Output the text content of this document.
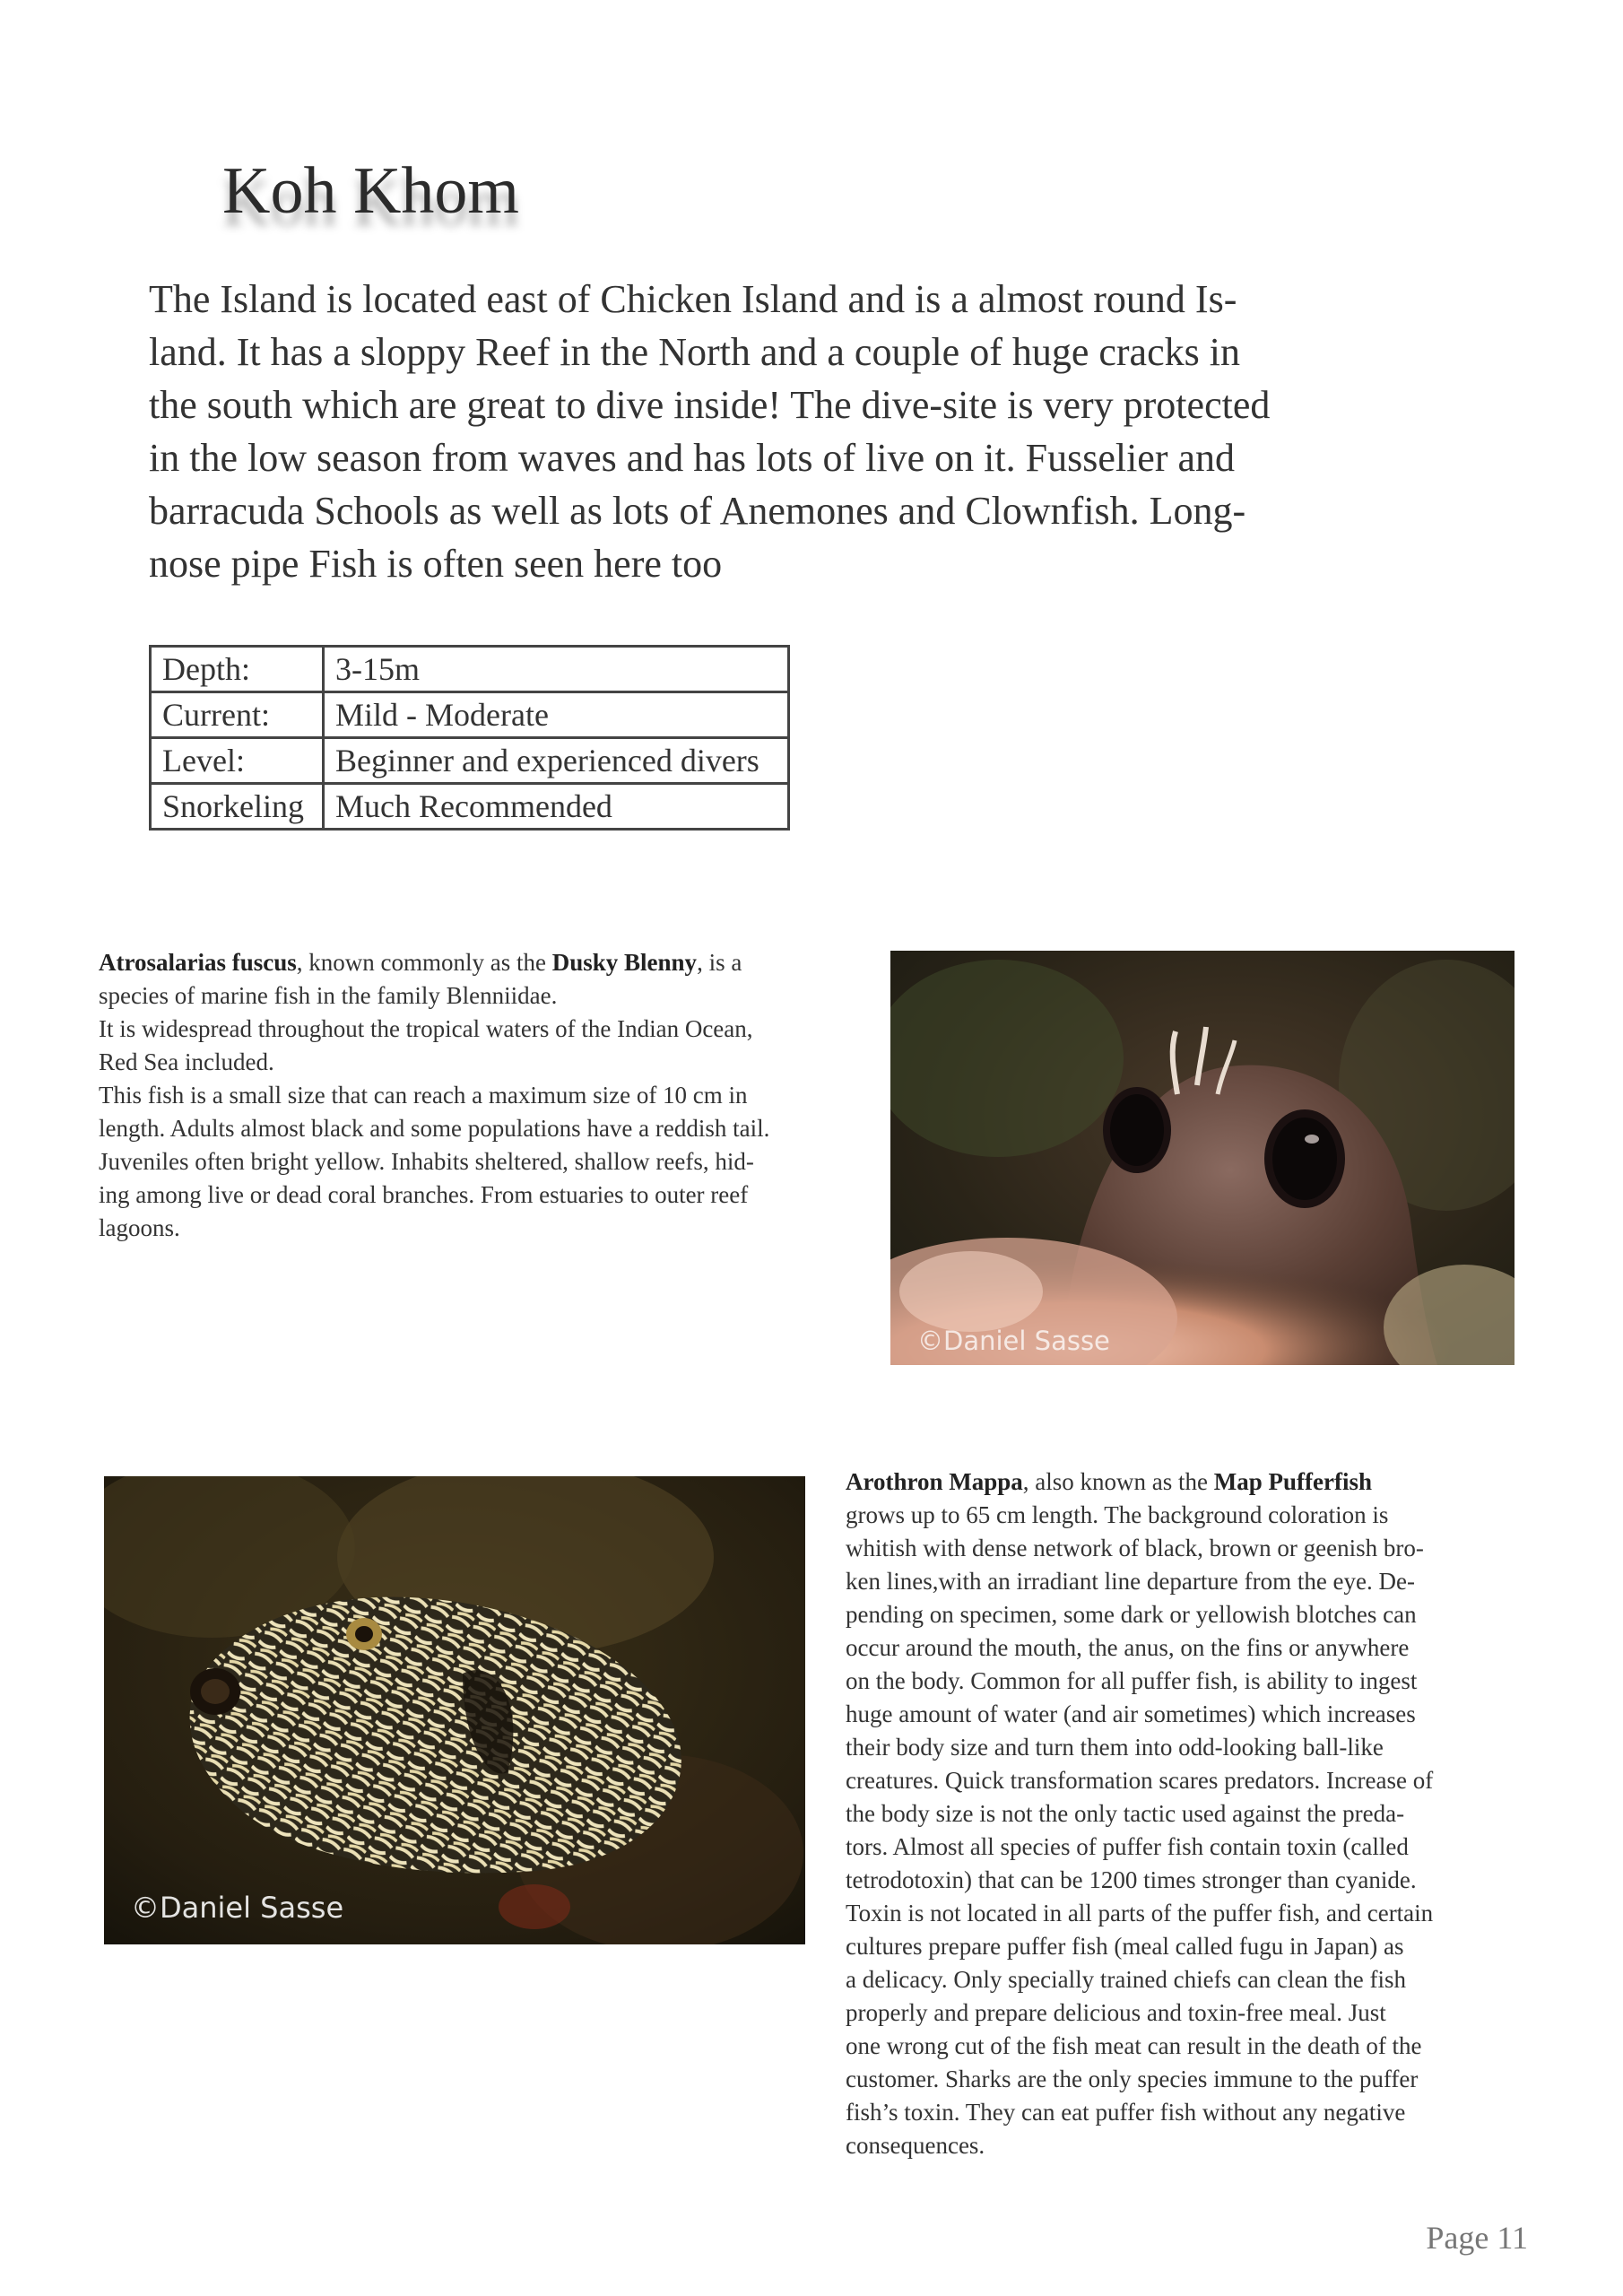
Koh Khom
The Island is located east of Chicken Island and is a almost round Is-
land. It has a sloppy Reef in the North and a couple of huge cracks in
the south which are great to dive inside! The dive-site is very protected
in the low season from waves and has lots of live on it. Fusselier and
barracuda Schools as well as lots of Anemones and Clownfish. Long-
nose pipe Fish is often seen here too
Depth:	3-15m
Current:	Mild - Moderate
Level:	Beginner and experienced divers
Snorkeling	Much Recommended
Atrosalarias fuscus, known commonly as the Dusky Blenny, is a
species of marine fish in the family Blenniidae.
It is widespread throughout the tropical waters of the Indian Ocean,
Red Sea included.
This fish is a small size that can reach a maximum size of 10 cm in
length. Adults almost black and some populations have a reddish tail.
Juveniles often bright yellow. Inhabits sheltered, shallow reefs, hid-
ing among live or dead coral branches. From estuaries to outer reef
lagoons.
©Daniel Sasse
©Daniel Sasse
Arothron Mappa, also known as the Map Pufferfish
grows up to 65 cm length. The background coloration is
whitish with dense network of black, brown or geenish bro-
ken lines,with an irradiant line departure from the eye. De-
pending on specimen, some dark or yellowish blotches can
occur around the mouth, the anus, on the fins or anywhere
on the body. Common for all puffer fish, is ability to ingest
huge amount of water (and air sometimes) which increases
their body size and turn them into odd-looking ball-like
creatures. Quick transformation scares predators. Increase of
the body size is not the only tactic used against the preda-
tors. Almost all species of puffer fish contain toxin (called
tetrodotoxin) that can be 1200 times stronger than cyanide.
Toxin is not located in all parts of the puffer fish, and certain
cultures prepare puffer fish (meal called fugu in Japan) as
a delicacy. Only specially trained chiefs can clean the fish
properly and prepare delicious and toxin-free meal. Just
one wrong cut of the fish meat can result in the death of the
customer. Sharks are the only species immune to the puffer
fish’s toxin. They can eat puffer fish without any negative
consequences.
Page 11
